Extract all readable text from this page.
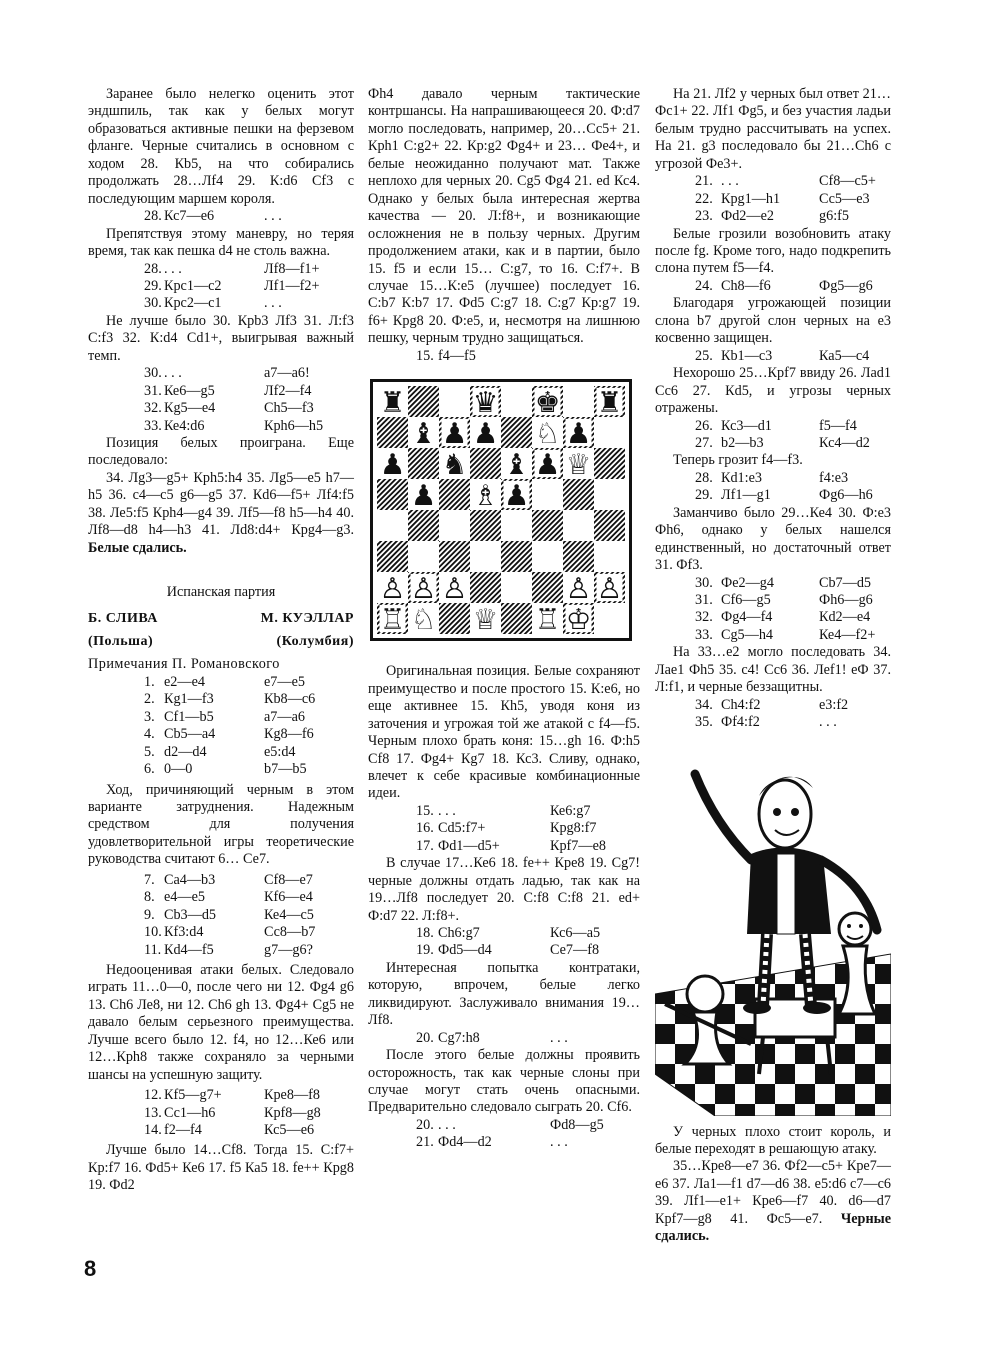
Заранее было нелегко оценить этот эндшпиль, так как у белых могут образоваться активные пешки на ферзевом фланге. Черные считались в основном с ходом 28. Кb5, на что собирались продолжать 28…Лf4 29. К:d6 Сf3 с последующим маршем короля.

28. Кс7—е6	. . .

Препятствуя этому маневру, но теряя время, так как пешка d4 не столь важна.

28. . . .	Лf8—f1+
29. Крс1—с2	Лf1—f2+
30. Крс2—с1	. . .

Не лучше было 30. Крb3 Лf3 31. Л:f3 С:f3 32. К:d4 Сd1+, выигрывая важный темп.

30. . . .	а7—а6!
31. Ке6—g5	Лf2—f4
32. Кg5—е4	Сh5—f3
33. Ке4:d6	Крh6—h5

Позиция белых проиграна. Еще последовало:

34. Лg3—g5+ Крh5:h4 35. Лg5—е5 h7—h5 36. с4—с5 g6—g5 37. Кd6—f5+ Лf4:f5 38. Ле5:f5 Крh4—g4 39. Лf5—f8 h5—h4 40. Лf8—d8 h4—h3 41. Лd8:d4+ Крg4—g3. Белые сдались.

Испанская партия
Б. СЛИВА	М. КУЭЛЛАР
(Польша)	(Колумбия)
Примечания П. Романовского
1. е2—е4	е7—е5
2. Кg1—f3	Кb8—с6
3. Сf1—b5	а7—а6
4. Сb5—а4	Кg8—f6
5. d2—d4	е5:d4
6. 0—0	b7—b5

Ход, причиняющий черным в этом варианте затруднения. Надежным средством для получения удовлетворительной игры теоретические руководства считают 6… Се7.

7. Са4—b3	Сf8—е7
8. е4—е5	Кf6—е4
9. Сb3—d5	Ке4—с5
10. Кf3:d4	Сс8—b7
11. Кd4—f5	g7—g6?

Недооценивая атаки белых. Следовало играть 11…0—0, после чего ни 12. Фg4 g6 13. Сh6 Ле8, ни 12. Сh6 gh 13. Фg4+ Сg5 не давало белым серьезного преимущества. Лучше всего было 12. f4, но 12…Ке6 или 12…Крh8 также сохраняло за черными шансы на успешную защиту.

12. Кf5—g7+	Кре8—f8
13. Сс1—h6	Крf8—g8
14. f2—f4	Кс5—е6

Лучше было 14…Сf8. Тогда 15. С:f7+ Кр:f7 16. Фd5+ Ке6 17. f5 Ка5 18. fе++ Крg8 19. Фd2

Фh4 давало черным тактические контршансы. На напрашивающееся 20. Ф:d7 могло последовать, например, 20…Сс5+ 21. Крh1 С:g2+ 22. Кр:g2 Фg4+ и 23… Фе4+, и белые неожиданно получают мат. Также неплохо для черных 20. Сg5 Фg4 21. еd Кс4. Однако у белых была интересная жертва качества — 20. Л:f8+, и возникающие осложнения не в пользу черных. Другим продолжением атаки, как и в партии, было 15. f5 и если 15… С:g7, то 16. С:f7+. В случае 15…К:е5 (лучшее) последует 16. С:b7 К:b7 17. Фd5 С:g7 18. С:g7 Кр:g7 19. f6+ Крg8 20. Ф:е5, и, несмотря на лишнюю пешку, черным трудно защищаться.

15. f4—f5

Оригинальная позиция. Белые сохраняют преимущество и после простого 15. К:е6, но еще активнее 15. Кh5, уводя коня из заточения и угрожая той же атакой с f4—f5. Черным плохо брать коня: 15…gh 16. Ф:h5 Сf8 17. Фg4+ Кg7 18. Кс3. Сливу, однако, влечет к себе красивые комбинационные идеи.

15. . . .	Ке6:g7
16. Сd5:f7+	Крg8:f7
17. Фd1—d5+	Крf7—е8

В случае 17…Ке6 18. fе++ Кре8 19. Сg7! черные должны отдать ладью, так как на 19…Лf8 последует 20. С:f8 С:f8 21. еd+ Ф:d7 22. Л:f8+.

18. Сh6:g7	Кс6—а5
19. Фd5—d4	Се7—f8

Интересная попытка контратаки, которую, впрочем, белые легко ликвидируют. Заслуживало внимания 19…Лf8.

20. Сg7:h8	. . .

После этого белые должны проявить осторожность, так как черные слоны при случае могут стать очень опасными. Предварительно следовало сыграть 20. Сf6.

20. . . .	Фd8—g5
21. Фd4—d2	. . .

На 21. Лf2 у черных был ответ 21…Фс1+ 22. Лf1 Фg5, и без участия ладьи белым трудно рассчитывать на успех. На 21. g3 последовало бы 21…Сh6 с угрозой Фе3+.

21. . . .	Сf8—с5+
22. Крg1—h1	Сс5—е3
23. Фd2—е2	g6:f5

Белые грозили возобновить атаку после fg. Кроме того, надо подкрепить слона путем f5—f4.

24. Сh8—f6	Фg5—g6

Благодаря угрожающей позиции слона b7 другой слон черных на е3 косвенно защищен.

25. Кb1—с3	Ка5—с4

Нехорошо 25…Крf7 ввиду 26. Лаd1 Сс6 27. Кd5, и угрозы черных отражены.

26. Кс3—d1	f5—f4
27. b2—b3	Кс4—d2

Теперь грозит f4—f3.

28. Кd1:е3	f4:е3
29. Лf1—g1	Фg6—h6

Заманчиво было 29…Ке4 30. Ф:е3 Фh6, однако у белых нашелся единственный, но достаточный ответ 31. Фf3.

30. Фе2—g4	Сb7—d5
31. Сf6—g5	Фh6—g6
32. Фg4—f4	Кd2—е4
33. Сg5—h4	Ке4—f2+

На 33…е2 могло последовать 34. Лае1 Фh5 35. с4! Сс6 36. Леf1! еФ 37. Л:f1, и черные беззащитны.

34. Сh4:f2	е3:f2
35. Фf4:f2	. . .

У черных плохо стоит король, и белые переходят в решающую атаку.

35…Кре8—е7 36. Фf2—с5+ Кре7—е6 37. Ла1—f1 d7—d6 38. е5:d6 с7—с6 39. Лf1—е1+ Кре6—f7 40. d6—d7 Крf7—g8 41. Фс5—е7. Черные сдались.

8
